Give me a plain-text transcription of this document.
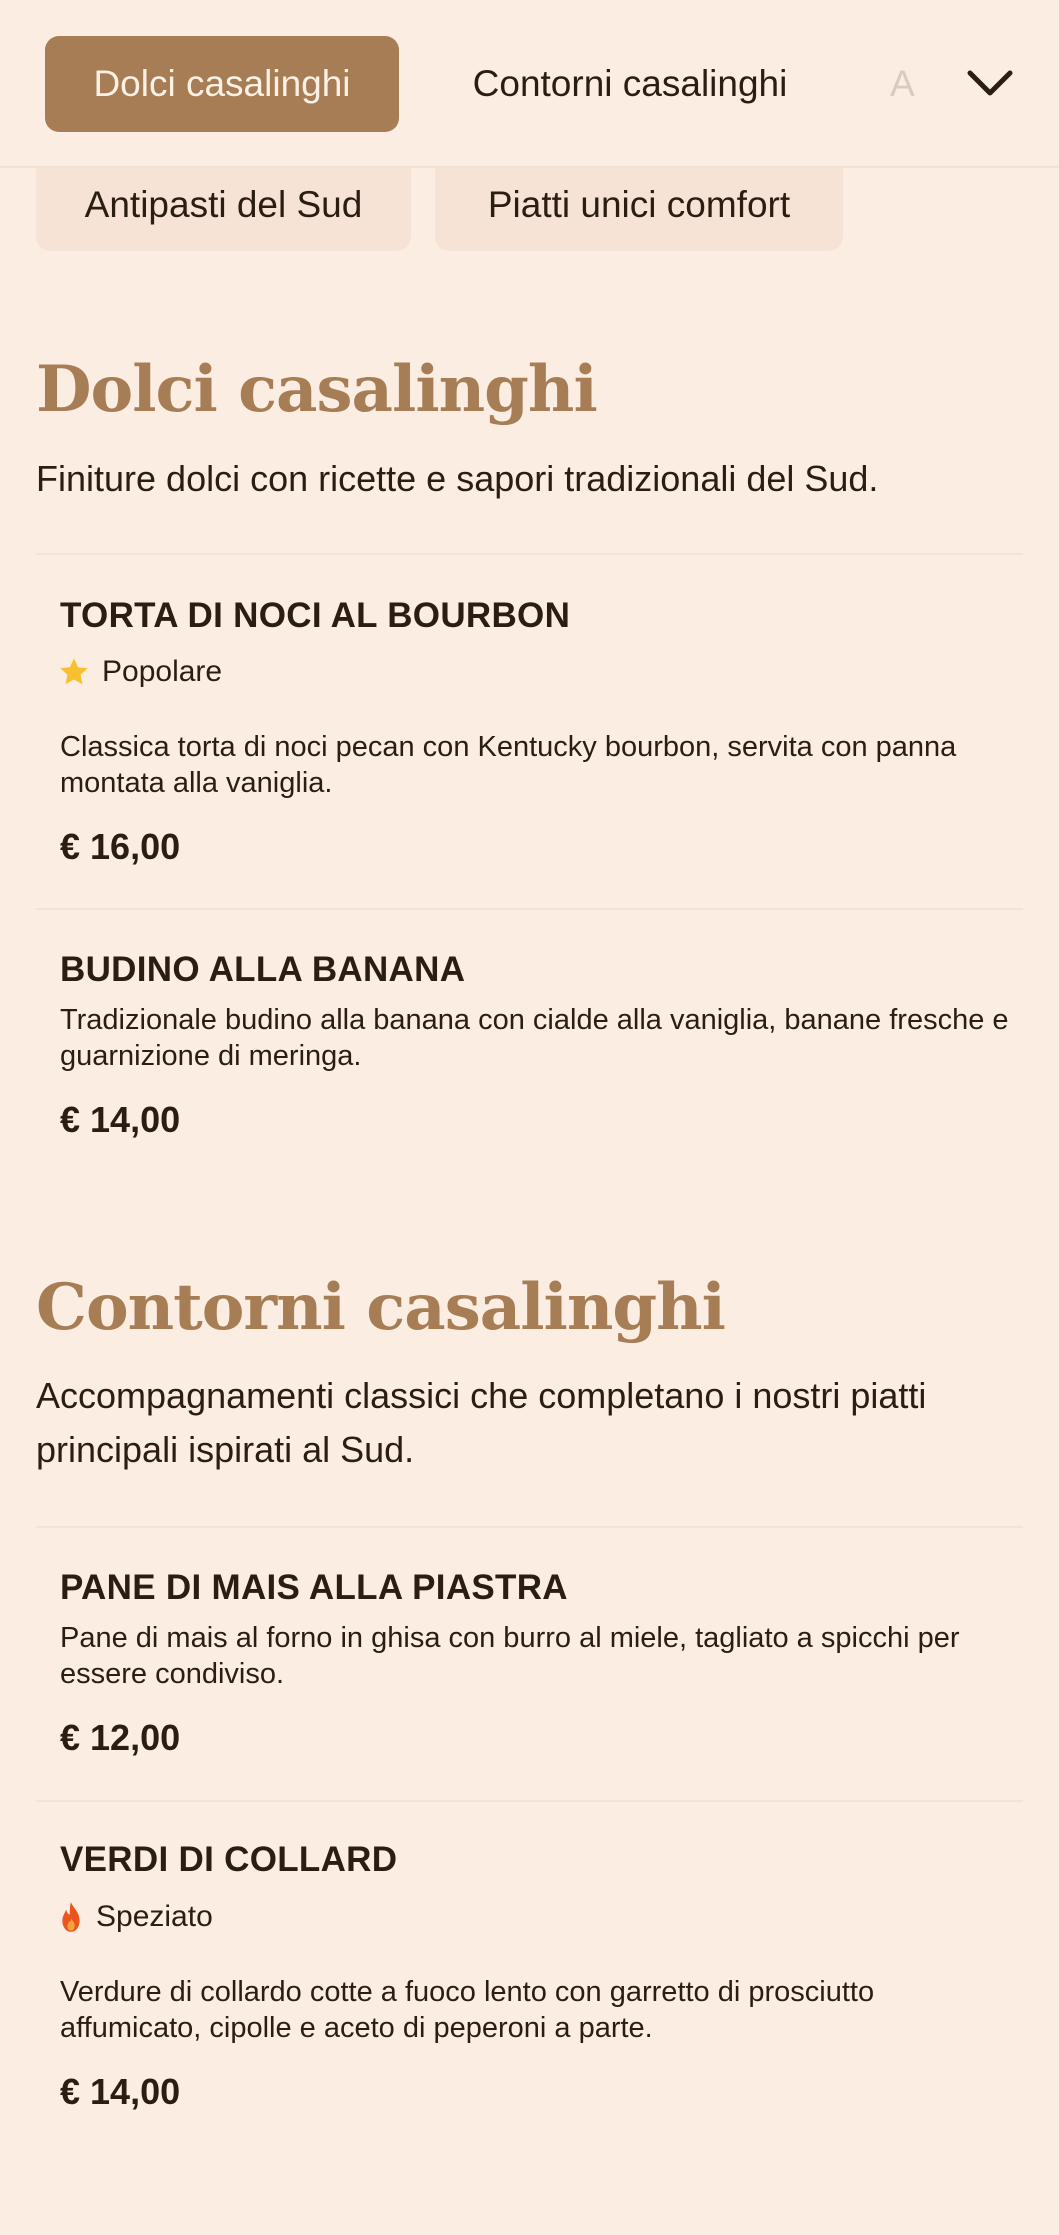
Dolci casalinghi	Contorni casalinghi	A
Antipasti del Sud	Piatti unici comfort
Dolci casalinghi

Finiture dolci con ricette e sapori tradizionali del Sud.

TORTA DI NOCI AL BOURBON
Popolare

Classica torta di noci pecan con Kentucky bourbon, servita con panna montata alla vaniglia.

€ 16,00

BUDINO ALLA BANANA

Tradizionale budino alla banana con cialde alla vaniglia, banane fresche e guarnizione di meringa.

€ 14,00

Contorni casalinghi

Accompagnamenti classici che completano i nostri piatti principali ispirati al Sud.

PANE DI MAIS ALLA PIASTRA

Pane di mais al forno in ghisa con burro al miele, tagliato a spicchi per essere condiviso.

€ 12,00

VERDI DI COLLARD
Speziato

Verdure di collardo cotte a fuoco lento con garretto di prosciutto affumicato, cipolle e aceto di peperoni a parte.

€ 14,00
